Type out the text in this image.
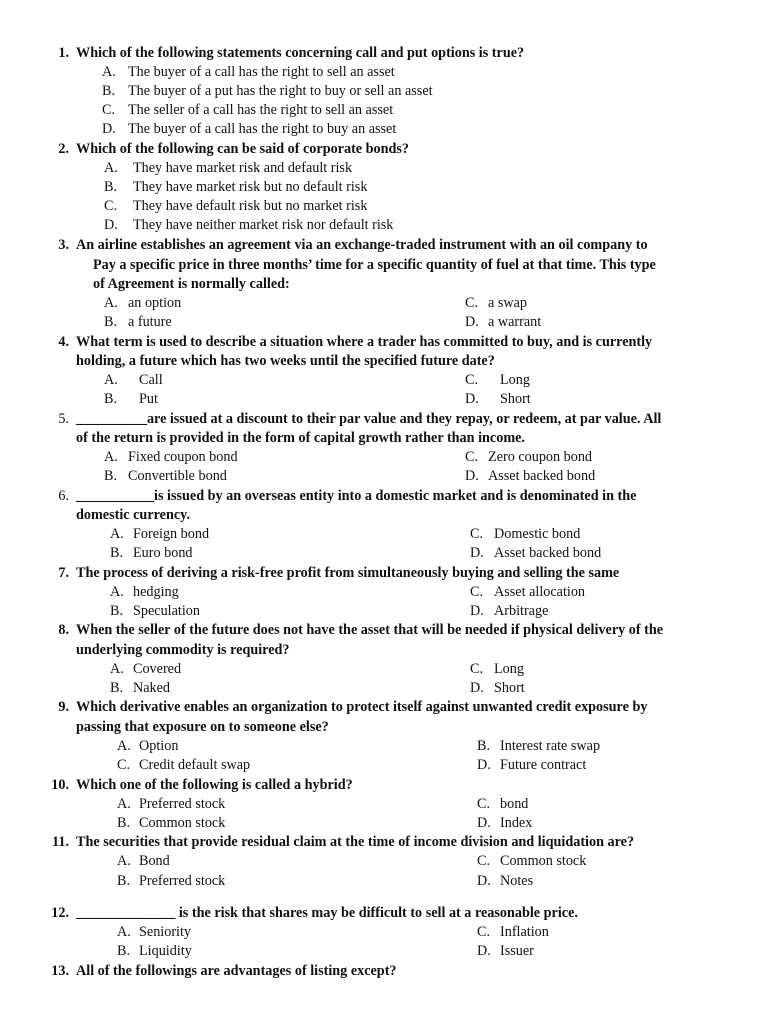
1. Which of the following statements concerning call and put options is true?
A. The buyer of a call has the right to sell an asset
B. The buyer of a put has the right to buy or sell an asset
C. The seller of a call has the right to sell an asset
D. The buyer of a call has the right to buy an asset
2. Which of the following can be said of corporate bonds?
A. They have market risk and default risk
B. They have market risk but no default risk
C. They have default risk but no market risk
D. They have neither market risk nor default risk
3. An airline establishes an agreement via an exchange-traded instrument with an oil company to
Pay a specific price in three months’ time for a specific quantity of fuel at that time. This type
of Agreement is normally called:
A. an option	C. a swap
B. a future	D. a warrant
4. What term is used to describe a situation where a trader has committed to buy, and is currently
holding, a future which has two weeks until the specified future date?
A. Call	C. Long
B. Put	D. Short
5. __________are issued at a discount to their par value and they repay, or redeem, at par value. All
of the return is provided in the form of capital growth rather than income.
A. Fixed coupon bond	C. Zero coupon bond
B. Convertible bond	D. Asset backed bond
6. ___________is issued by an overseas entity into a domestic market and is denominated in the
domestic currency.
A. Foreign bond	C. Domestic bond
B. Euro bond	D. Asset backed bond
7. The process of deriving a risk-free profit from simultaneously buying and selling the same
A. hedging	C. Asset allocation
B. Speculation	D. Arbitrage
8. When the seller of the future does not have the asset that will be needed if physical delivery of the
underlying commodity is required?
A. Covered	C. Long
B. Naked	D. Short
9. Which derivative enables an organization to protect itself against unwanted credit exposure by
passing that exposure on to someone else?
A. Option	B. Interest rate swap
C. Credit default swap	D. Future contract
10. Which one of the following is called a hybrid?
A. Preferred stock	C. bond
B. Common stock	D. Index
11. The securities that provide residual claim at the time of income division and liquidation are?
A. Bond	C. Common stock
B. Preferred stock	D. Notes
12. ______________ is the risk that shares may be difficult to sell at a reasonable price.
A. Seniority	C. Inflation
B. Liquidity	D. Issuer
13. All of the followings are advantages of listing except?
